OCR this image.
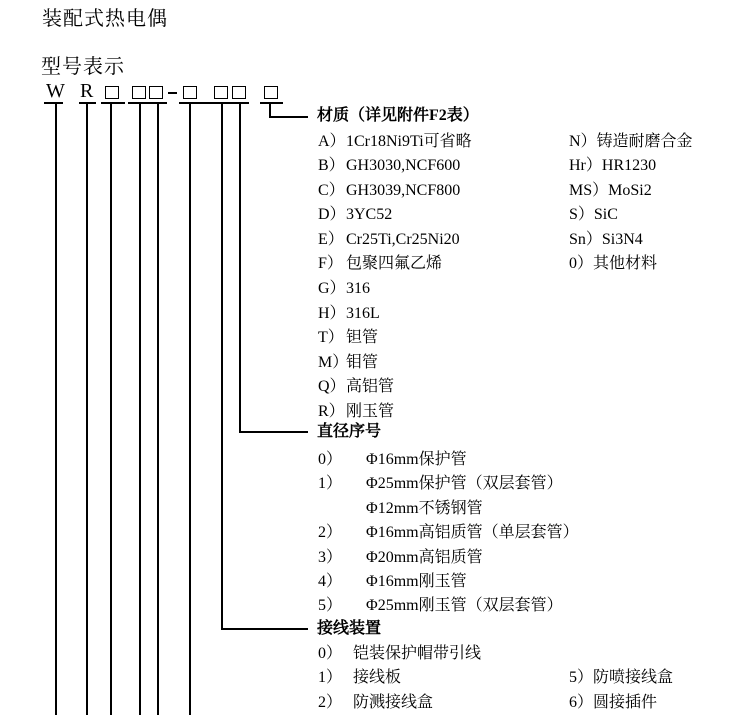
装配式热电偶
型号表示
W R
材质（详见附件F2表）
A） 1Cr18Ni9Ti可省略
B） GH3030,NCF600
C） GH3039,NCF800
D） 3YC52
E） Cr25Ti,Cr25Ni20
F） 包聚四氟乙烯
G） 316
H） 316L
T） 钽管
M）
钼管
Q） 高铝管
R） 刚玉管
N）铸造耐磨合金
Hr）HR1230
MS）MoSi2
S）SiC
Sn）Si3N4
0）其他材料
直径序号
0） Φ16mm保护管
1） Φ25mm保护管（双层套管）
Φ12mm不锈钢管
2） Φ16mm高铝质管（单层套管）
3） Φ20mm高铝质管
4） Φ16mm刚玉管
5） Φ25mm刚玉管（双层套管）
接线装置
0） 铠装保护帽带引线
1） 接线板
2） 防溅接线盒
5）防喷接线盒
6）圆接插件
